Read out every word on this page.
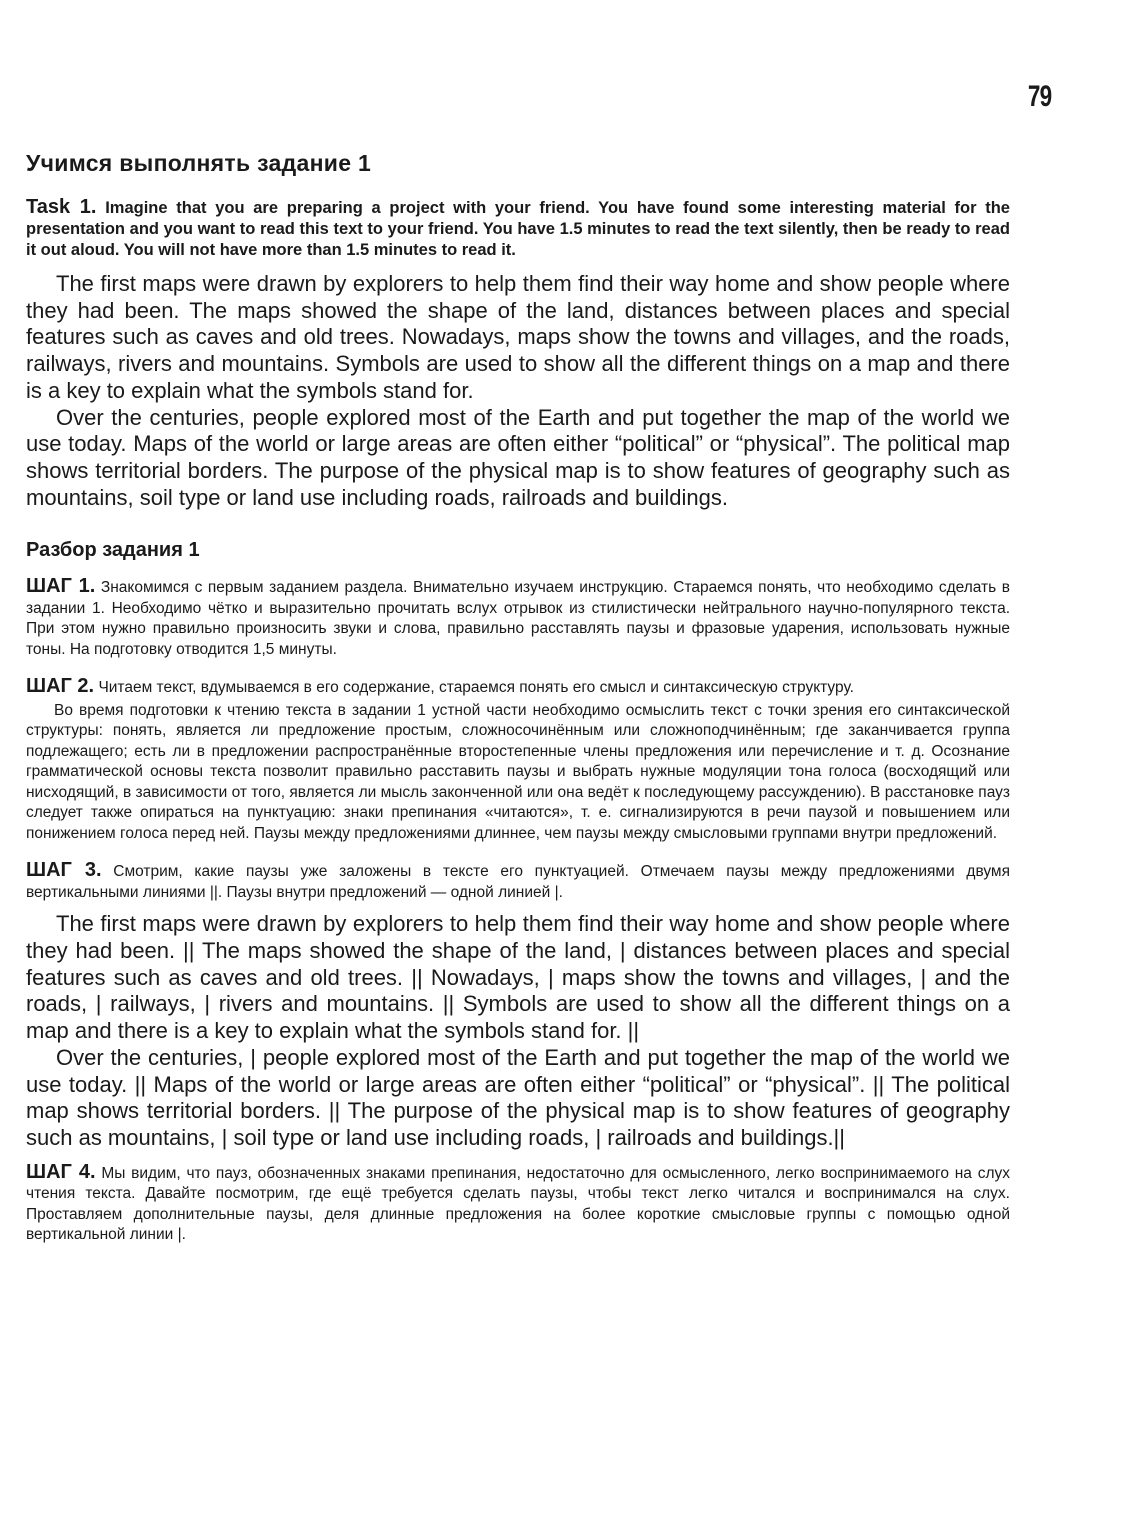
79
Учимся выполнять задание 1

Task 1. Imagine that you are preparing a project with your friend. You have found some interesting material for the presentation and you want to read this text to your friend. You have 1.5 minutes to read the text silently, then be ready to read it out aloud. You will not have more than 1.5 minutes to read it.

The first maps were drawn by explorers to help them find their way home and show people where they had been. The maps showed the shape of the land, distances between places and special features such as caves and old trees. Nowadays, maps show the towns and villages, and the roads, railways, rivers and mountains. Symbols are used to show all the different things on a map and there is a key to explain what the symbols stand for.

Over the centuries, people explored most of the Earth and put together the map of the world we use today. Maps of the world or large areas are often either “political” or “physical”. The political map shows territorial borders. The purpose of the physical map is to show features of geography such as mountains, soil type or land use including roads, railroads and buildings.

Разбор задания 1

ШАГ 1. Знакомимся с первым заданием раздела. Внимательно изучаем инструкцию. Стараемся понять, что необходимо сделать в задании 1. Необходимо чётко и выразительно прочитать вслух отрывок из стилистически нейтрального научно-популярного текста. При этом нужно правильно произносить звуки и слова, правильно расставлять паузы и фразовые ударения, использовать нужные тоны. На подготовку отводится 1,5 минуты.

ШАГ 2. Читаем текст, вдумываемся в его содержание, стараемся понять его смысл и синтаксическую структуру.

Во время подготовки к чтению текста в задании 1 устной части необходимо осмыслить текст с точки зрения его синтаксической структуры: понять, является ли предложение простым, сложносочинённым или сложноподчинённым; где заканчивается группа подлежащего; есть ли в предложении распространённые второстепенные члены предложения или перечисление и т. д. Осознание грамматической основы текста позволит правильно расставить паузы и выбрать нужные модуляции тона голоса (восходящий или нисходящий, в зависимости от того, является ли мысль законченной или она ведёт к последующему рассуждению). В расстановке пауз следует также опираться на пунктуацию: знаки препинания «читаются», т. е. сигнализируются в речи паузой и повышением или понижением голоса перед ней. Паузы между предложениями длиннее, чем паузы между смысловыми группами внутри предложений.

ШАГ 3. Смотрим, какие паузы уже заложены в тексте его пунктуацией. Отмечаем паузы между предложениями двумя вертикальными линиями ||. Паузы внутри предложений — одной линией |.

The first maps were drawn by explorers to help them find their way home and show people where they had been. || The maps showed the shape of the land, | distances between places and special features such as caves and old trees. || Nowadays, | maps show the towns and villages, | and the roads, | railways, | rivers and mountains. || Symbols are used to show all the different things on a map and there is a key to explain what the symbols stand for. ||

Over the centuries, | people explored most of the Earth and put together the map of the world we use today. || Maps of the world or large areas are often either “political” or “physical”. || The political map shows territorial borders. || The purpose of the physical map is to show features of geography such as mountains, | soil type or land use including roads, | railroads and buildings.||

ШАГ 4. Мы видим, что пауз, обозначенных знаками препинания, недостаточно для осмысленного, легко воспринимаемого на слух чтения текста. Давайте посмотрим, где ещё требуется сделать паузы, чтобы текст легко читался и воспринимался на слух. Проставляем дополнительные паузы, деля длинные предложения на более короткие смысловые группы с помощью одной вертикальной линии |.
